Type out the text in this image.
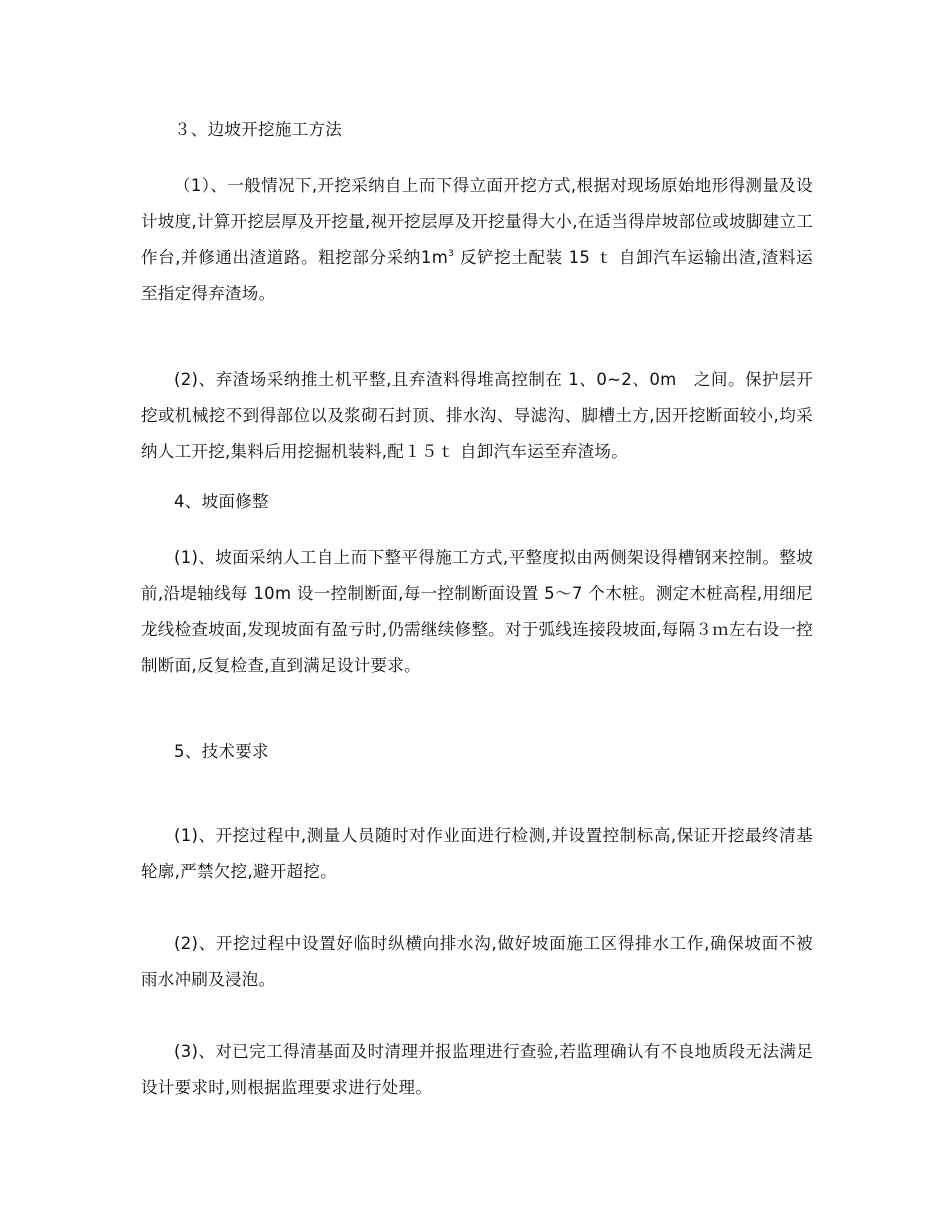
３、边坡开挖施工方法

（1）、一般情况下,开挖采纳自上而下得立面开挖方式,根据对现场原始地形得测量及设计坡度,计算开挖层厚及开挖量,视开挖层厚及开挖量得大小,在适当得岸坡部位或坡脚建立工作台,并修通出渣道路。粗挖部分采纳$1m^3$ 反铲挖土配装 15 ｔ 自卸汽车运输出渣,渣料运至指定得弃渣场。

(2)、弃渣场采纳推土机平整,且弃渣料得堆高控制在 1、0~2、0m　之间。保护层开挖或机械挖不到得部位以及浆砌石封顶、排水沟、导滤沟、脚槽土方,因开挖断面较小,均采纳人工开挖,集料后用挖掘机装料,配１５ｔ 自卸汽车运至弃渣场。

4、坡面修整

(1)、坡面采纳人工自上而下整平得施工方式,平整度拟由两侧架设得槽钢来控制。整坡前,沿堤轴线每 10m 设一控制断面,每一控制断面设置 5～7 个木桩。测定木桩高程,用细尼龙线检查坡面,发现坡面有盈亏时,仍需继续修整。对于弧线连接段坡面,每隔３ｍ左右设一控制断面,反复检查,直到满足设计要求。

5、技术要求

(1)、开挖过程中,测量人员随时对作业面进行检测,并设置控制标高,保证开挖最终清基轮廓,严禁欠挖,避开超挖。

(2)、开挖过程中设置好临时纵横向排水沟,做好坡面施工区得排水工作,确保坡面不被雨水冲刷及浸泡。

(3)、对已完工得清基面及时清理并报监理进行查验,若监理确认有不良地质段无法满足设计要求时,则根据监理要求进行处理。
